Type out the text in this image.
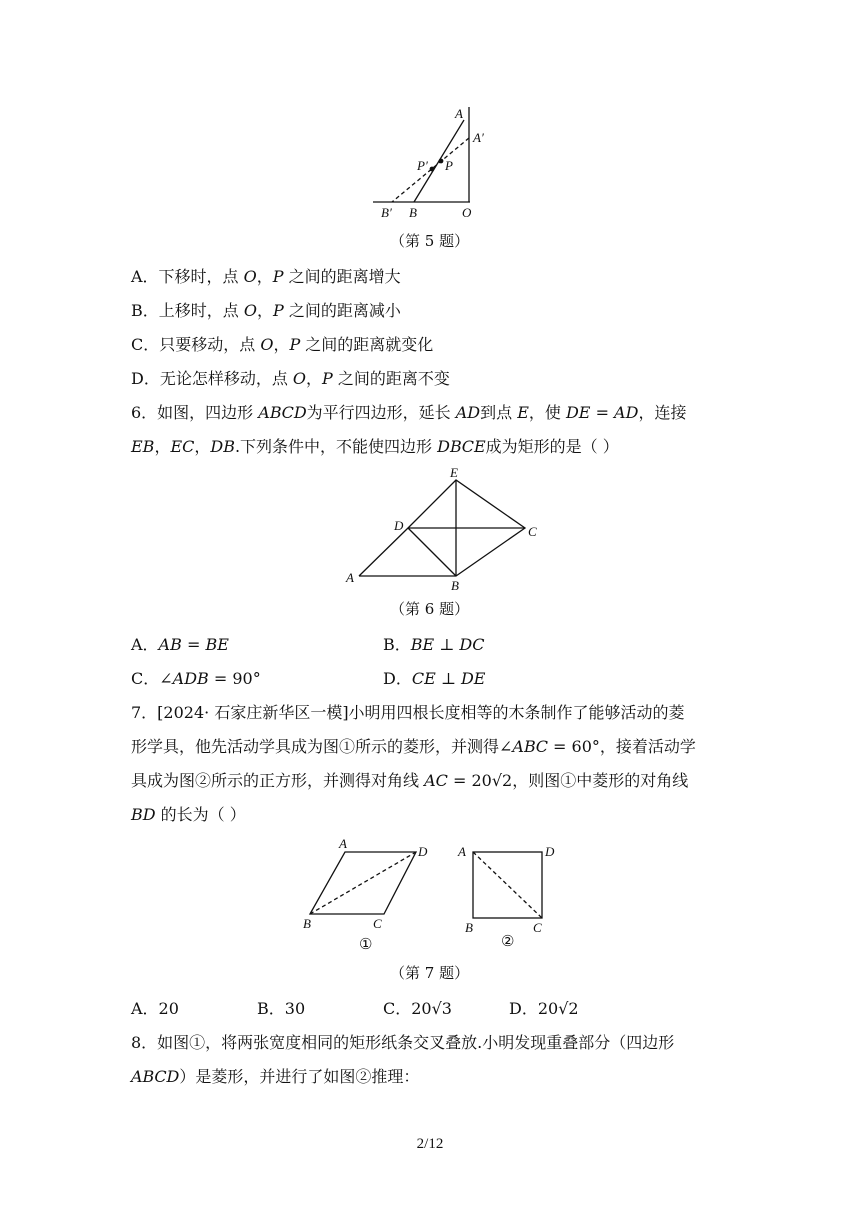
A
A′
P′ P
B′ B	O
（第 5 题）
A．下移时，点 𝑂，𝑃 之间的距离增大
B．上移时，点 𝑂，𝑃 之间的距离减小
C．只要移动，点 𝑂，𝑃 之间的距离就变化
D．无论怎样移动，点 𝑂，𝑃 之间的距离不变
6．如图，四边形 𝐴𝐵𝐶𝐷为平行四边形，延长 𝐴𝐷到点 𝐸，使 𝐷𝐸 = 𝐴𝐷，连接
𝐸𝐵，𝐸𝐶，𝐷𝐵.下列条件中，不能使四边形 𝐷𝐵𝐶𝐸成为矩形的是（ ）
E
D	C
A
B
（第 6 题）
A．𝐴𝐵 = 𝐵𝐸	B．𝐵𝐸 ⊥ 𝐷𝐶
C．∠𝐴𝐷𝐵 = 90°	D．𝐶𝐸 ⊥ 𝐷𝐸
7．[2024· 石家庄新华区一模]小明用四根长度相等的木条制作了能够活动的菱
形学具，他先活动学具成为图①所示的菱形，并测得∠𝐴𝐵𝐶 = 60°，接着活动学
具成为图②所示的正方形，并测得对角线 𝐴𝐶 = 20√2，则图①中菱形的对角线
𝐵𝐷 的长为（ ）
A
D
B	C
①
A	D
B	C
②
（第 7 题）
A．20	B．30	C．20√3	D．20√2
8．如图①，将两张宽度相同的矩形纸条交叉叠放.小明发现重叠部分（四边形
𝐴𝐵𝐶𝐷）是菱形，并进行了如图②推理：
2/12
